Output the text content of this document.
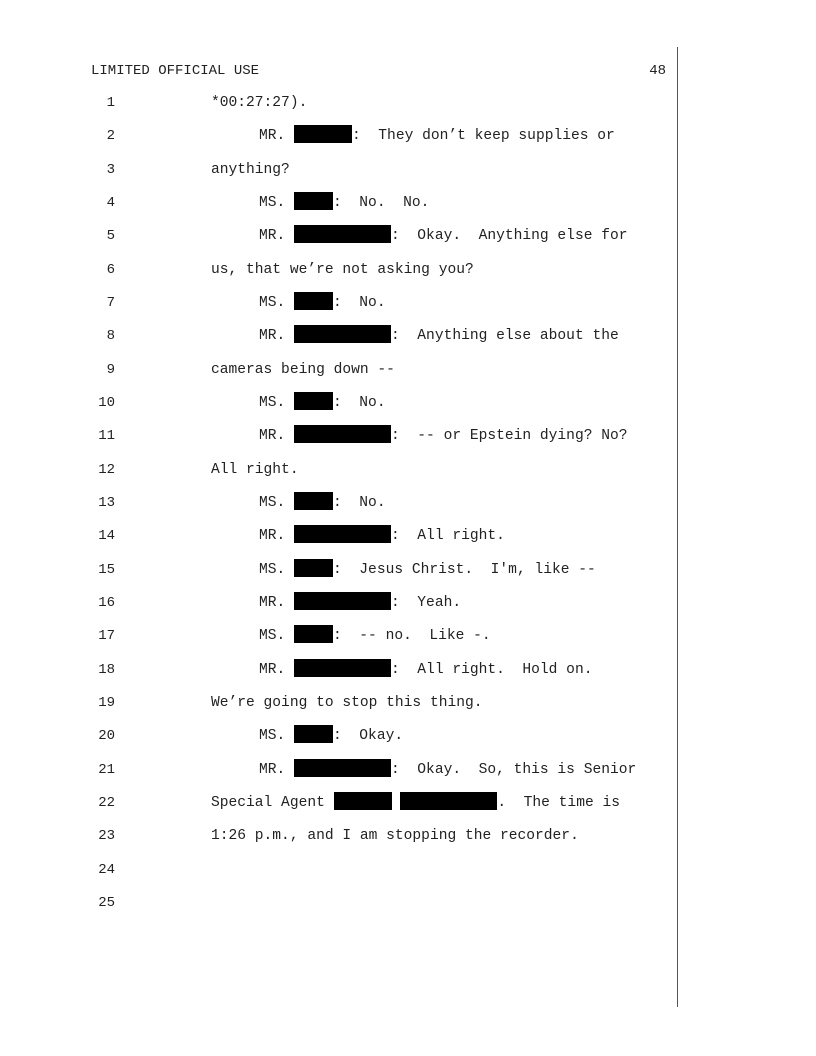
LIMITED OFFICIAL USE	48
1	*00:27:27).
2	MR.	:  They don’t keep supplies or
3	anything?
4	MS.	:  No.  No.
5	MR.	:  Okay.  Anything else for
6	us, that we’re not asking you?
7	MS.	:  No.
8	MR.	:  Anything else about the
9	cameras being down --
10	MS.	:  No.
11	MR.	:  -- or Epstein dying? No?
12	All right.
13	MS.	:  No.
14	MR.	:  All right.
15	MS.	:  Jesus Christ.  I'm, like --
16	MR.	:  Yeah.
17	MS.	:  -- no.  Like -.
18	MR.	:  All right.  Hold on.
19	We’re going to stop this thing.
20	MS.	:  Okay.
21	MR.	:  Okay.  So, this is Senior
22	Special Agent	.  The time is
23	1:26 p.m., and I am stopping the recorder.
24
25
